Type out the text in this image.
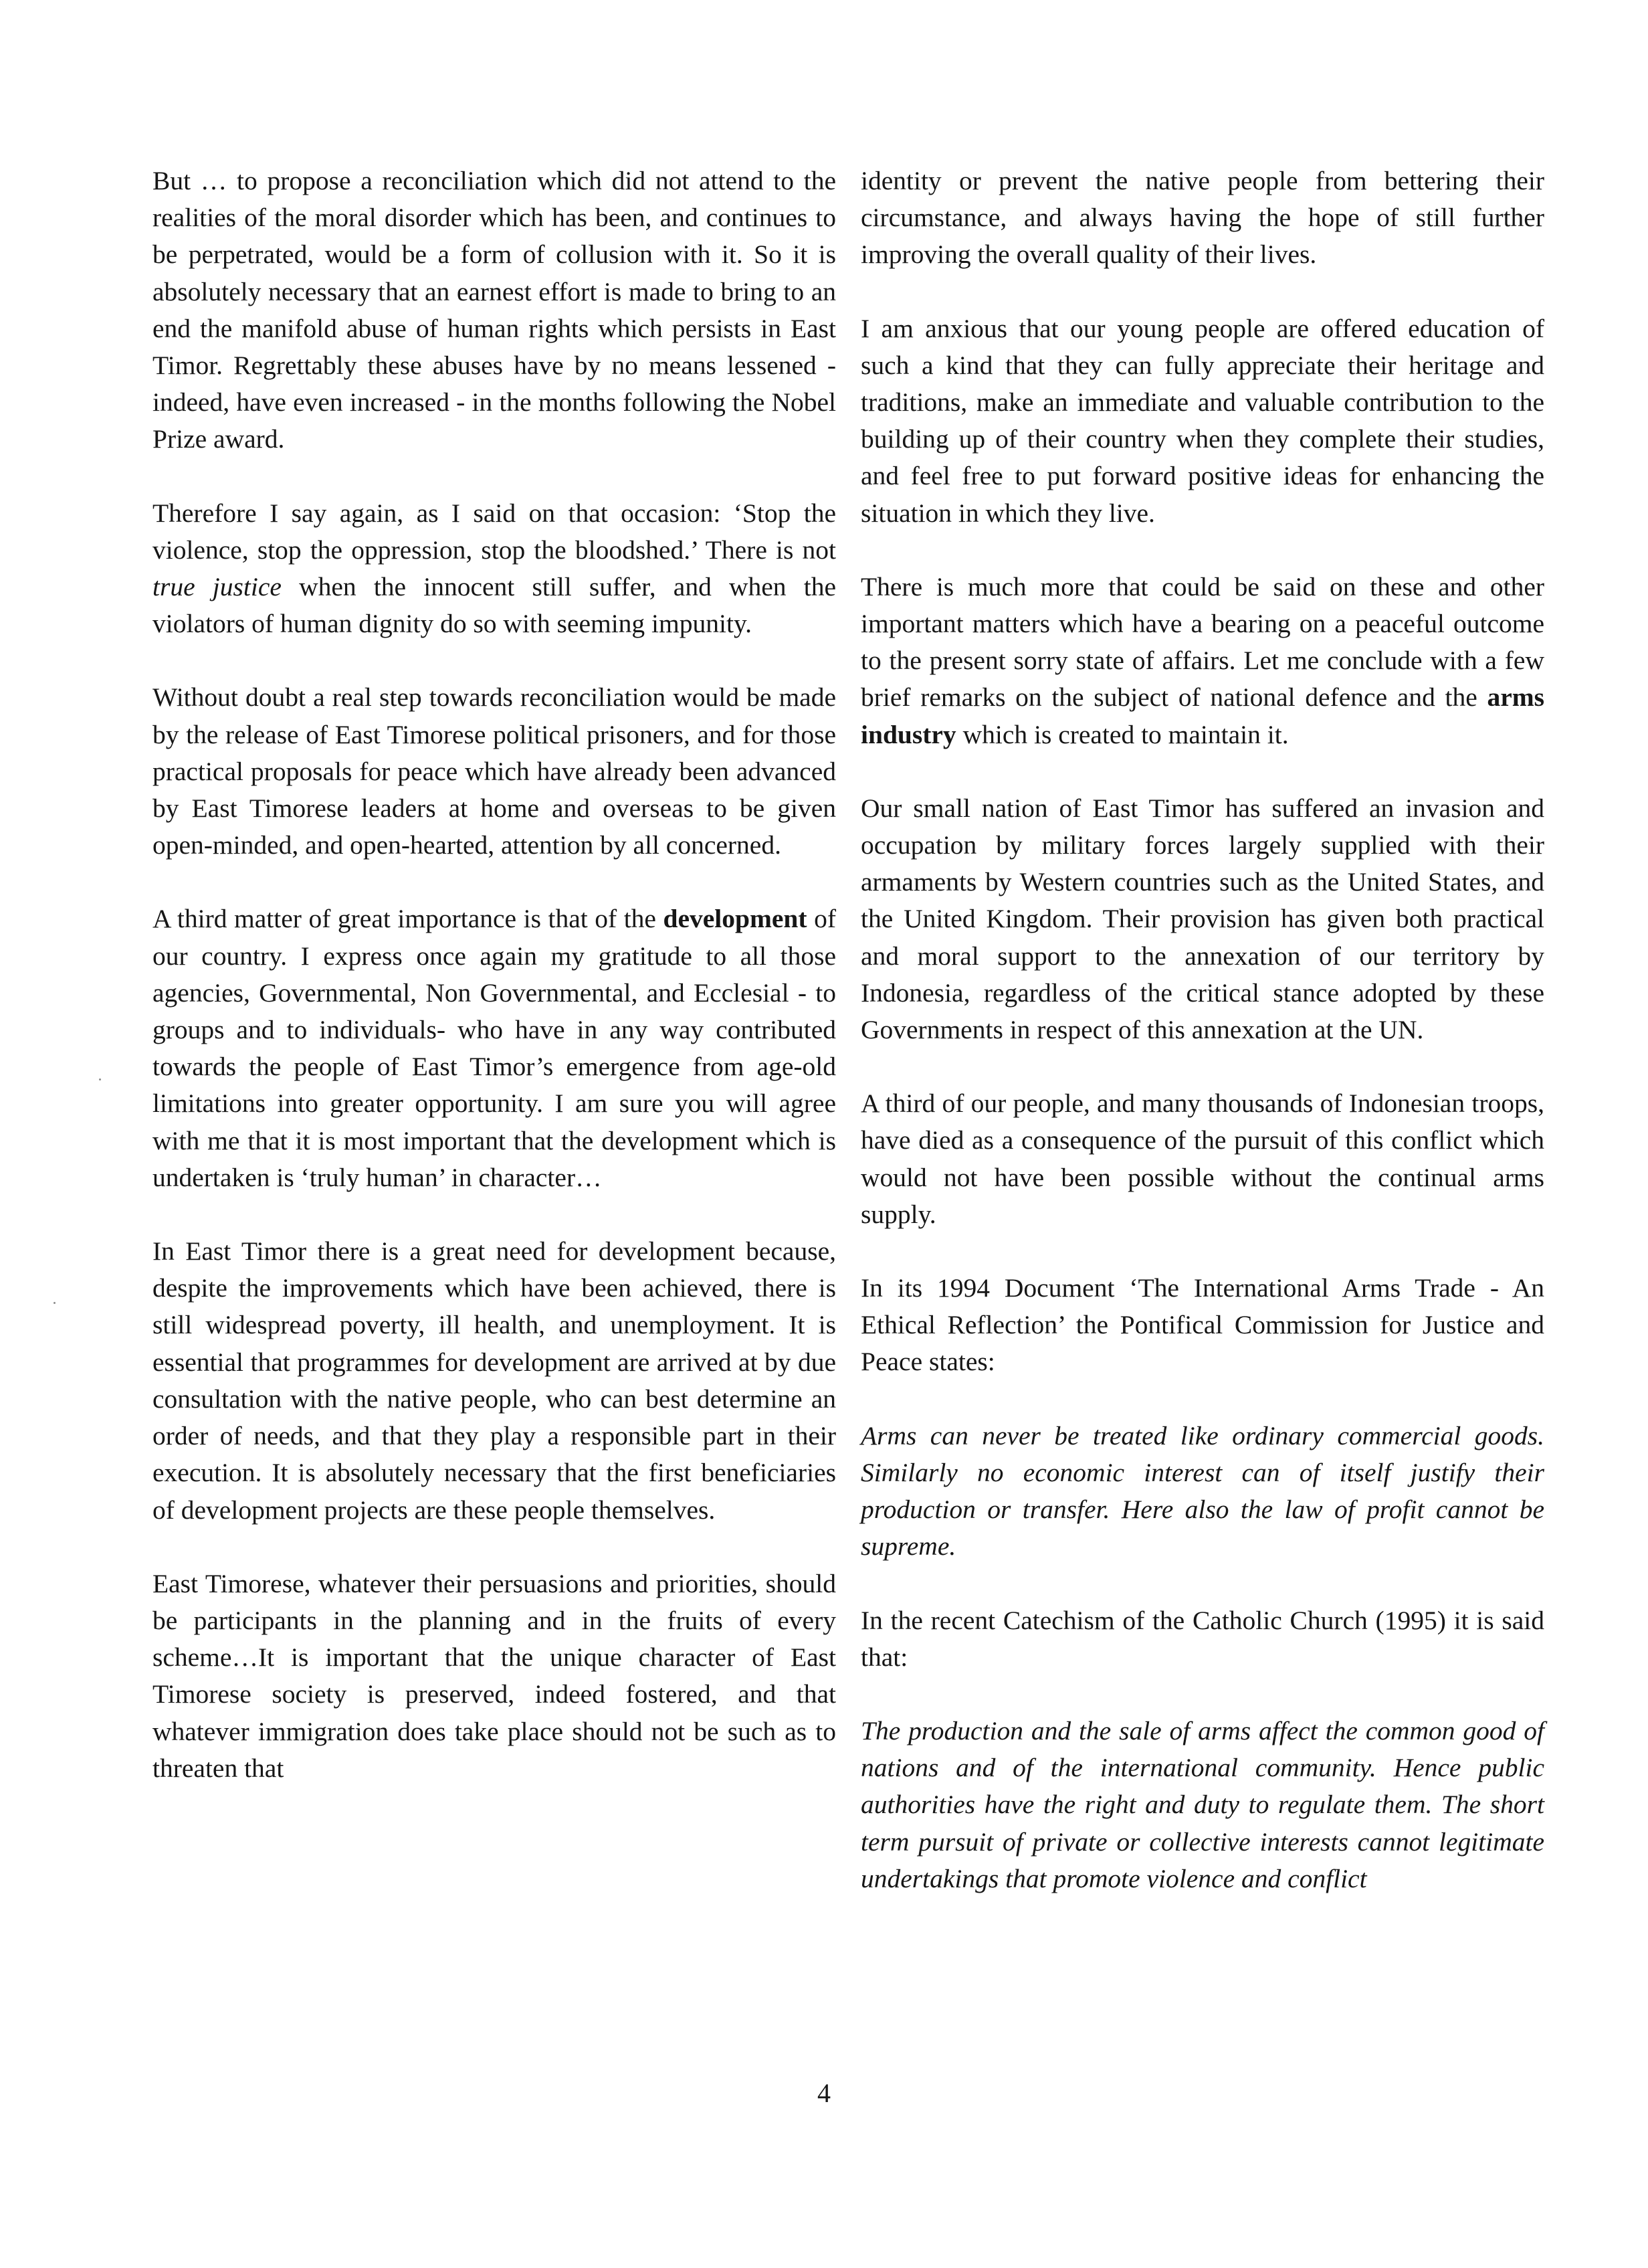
But … to propose a reconciliation which did not attend to the realities of the moral disorder which has been, and continues to be perpetrated, would be a form of collusion with it. So it is absolutely necessary that an earnest effort is made to bring to an end the manifold abuse of human rights which persists in East Timor. Regrettably these abuses have by no means lessened - indeed, have even increased - in the months following the Nobel Prize award.

Therefore I say again, as I said on that occasion: ‘Stop the violence, stop the oppression, stop the bloodshed.’ There is not true justice when the innocent still suffer, and when the violators of human dignity do so with seeming impunity.

Without doubt a real step towards reconciliation would be made by the release of East Timorese political prisoners, and for those practical proposals for peace which have already been advanced by East Timorese leaders at home and overseas to be given open-minded, and open-hearted, attention by all concerned.

A third matter of great importance is that of the development of our country. I express once again my gratitude to all those agencies, Governmental, Non Governmental, and Ecclesial - to groups and to individuals- who have in any way contributed towards the people of East Timor’s emergence from age-old limitations into greater opportunity. I am sure you will agree with me that it is most important that the development which is undertaken is ‘truly human’ in character…

In East Timor there is a great need for development because, despite the improvements which have been achieved, there is still widespread poverty, ill health, and unemployment. It is essential that programmes for development are arrived at by due consultation with the native people, who can best determine an order of needs, and that they play a responsible part in their execution. It is absolutely necessary that the first beneficiaries of development projects are these people themselves.

East Timorese, whatever their persuasions and priorities, should be participants in the planning and in the fruits of every scheme…It is important that the unique character of East Timorese society is preserved, indeed fostered, and that whatever immigration does take place should not be such as to threaten that

identity or prevent the native people from bettering their circumstance, and always having the hope of still further improving the overall quality of their lives.

I am anxious that our young people are offered education of such a kind that they can fully appreciate their heritage and traditions, make an immediate and valuable contribution to the building up of their country when they complete their studies, and feel free to put forward positive ideas for enhancing the situation in which they live.

There is much more that could be said on these and other important matters which have a bearing on a peaceful outcome to the present sorry state of affairs. Let me conclude with a few brief remarks on the subject of national defence and the arms industry which is created to maintain it.

Our small nation of East Timor has suffered an invasion and occupation by military forces largely supplied with their armaments by Western countries such as the United States, and the United Kingdom. Their provision has given both practical and moral support to the annexation of our territory by Indonesia, regardless of the critical stance adopted by these Governments in respect of this annexation at the UN.

A third of our people, and many thousands of Indonesian troops, have died as a consequence of the pursuit of this conflict which would not have been possible without the continual arms supply.

In its 1994 Document ‘The International Arms Trade - An Ethical Reflection’ the Pontifical Commission for Justice and Peace states:

Arms can never be treated like ordinary commercial goods. Similarly no economic interest can of itself justify their production or transfer. Here also the law of profit cannot be supreme.

In the recent Catechism of the Catholic Church (1995) it is said that:

The production and the sale of arms affect the common good of nations and of the international community. Hence public authorities have the right and duty to regulate them. The short term pursuit of private or collective interests cannot legitimate undertakings that promote violence and conflict

4
